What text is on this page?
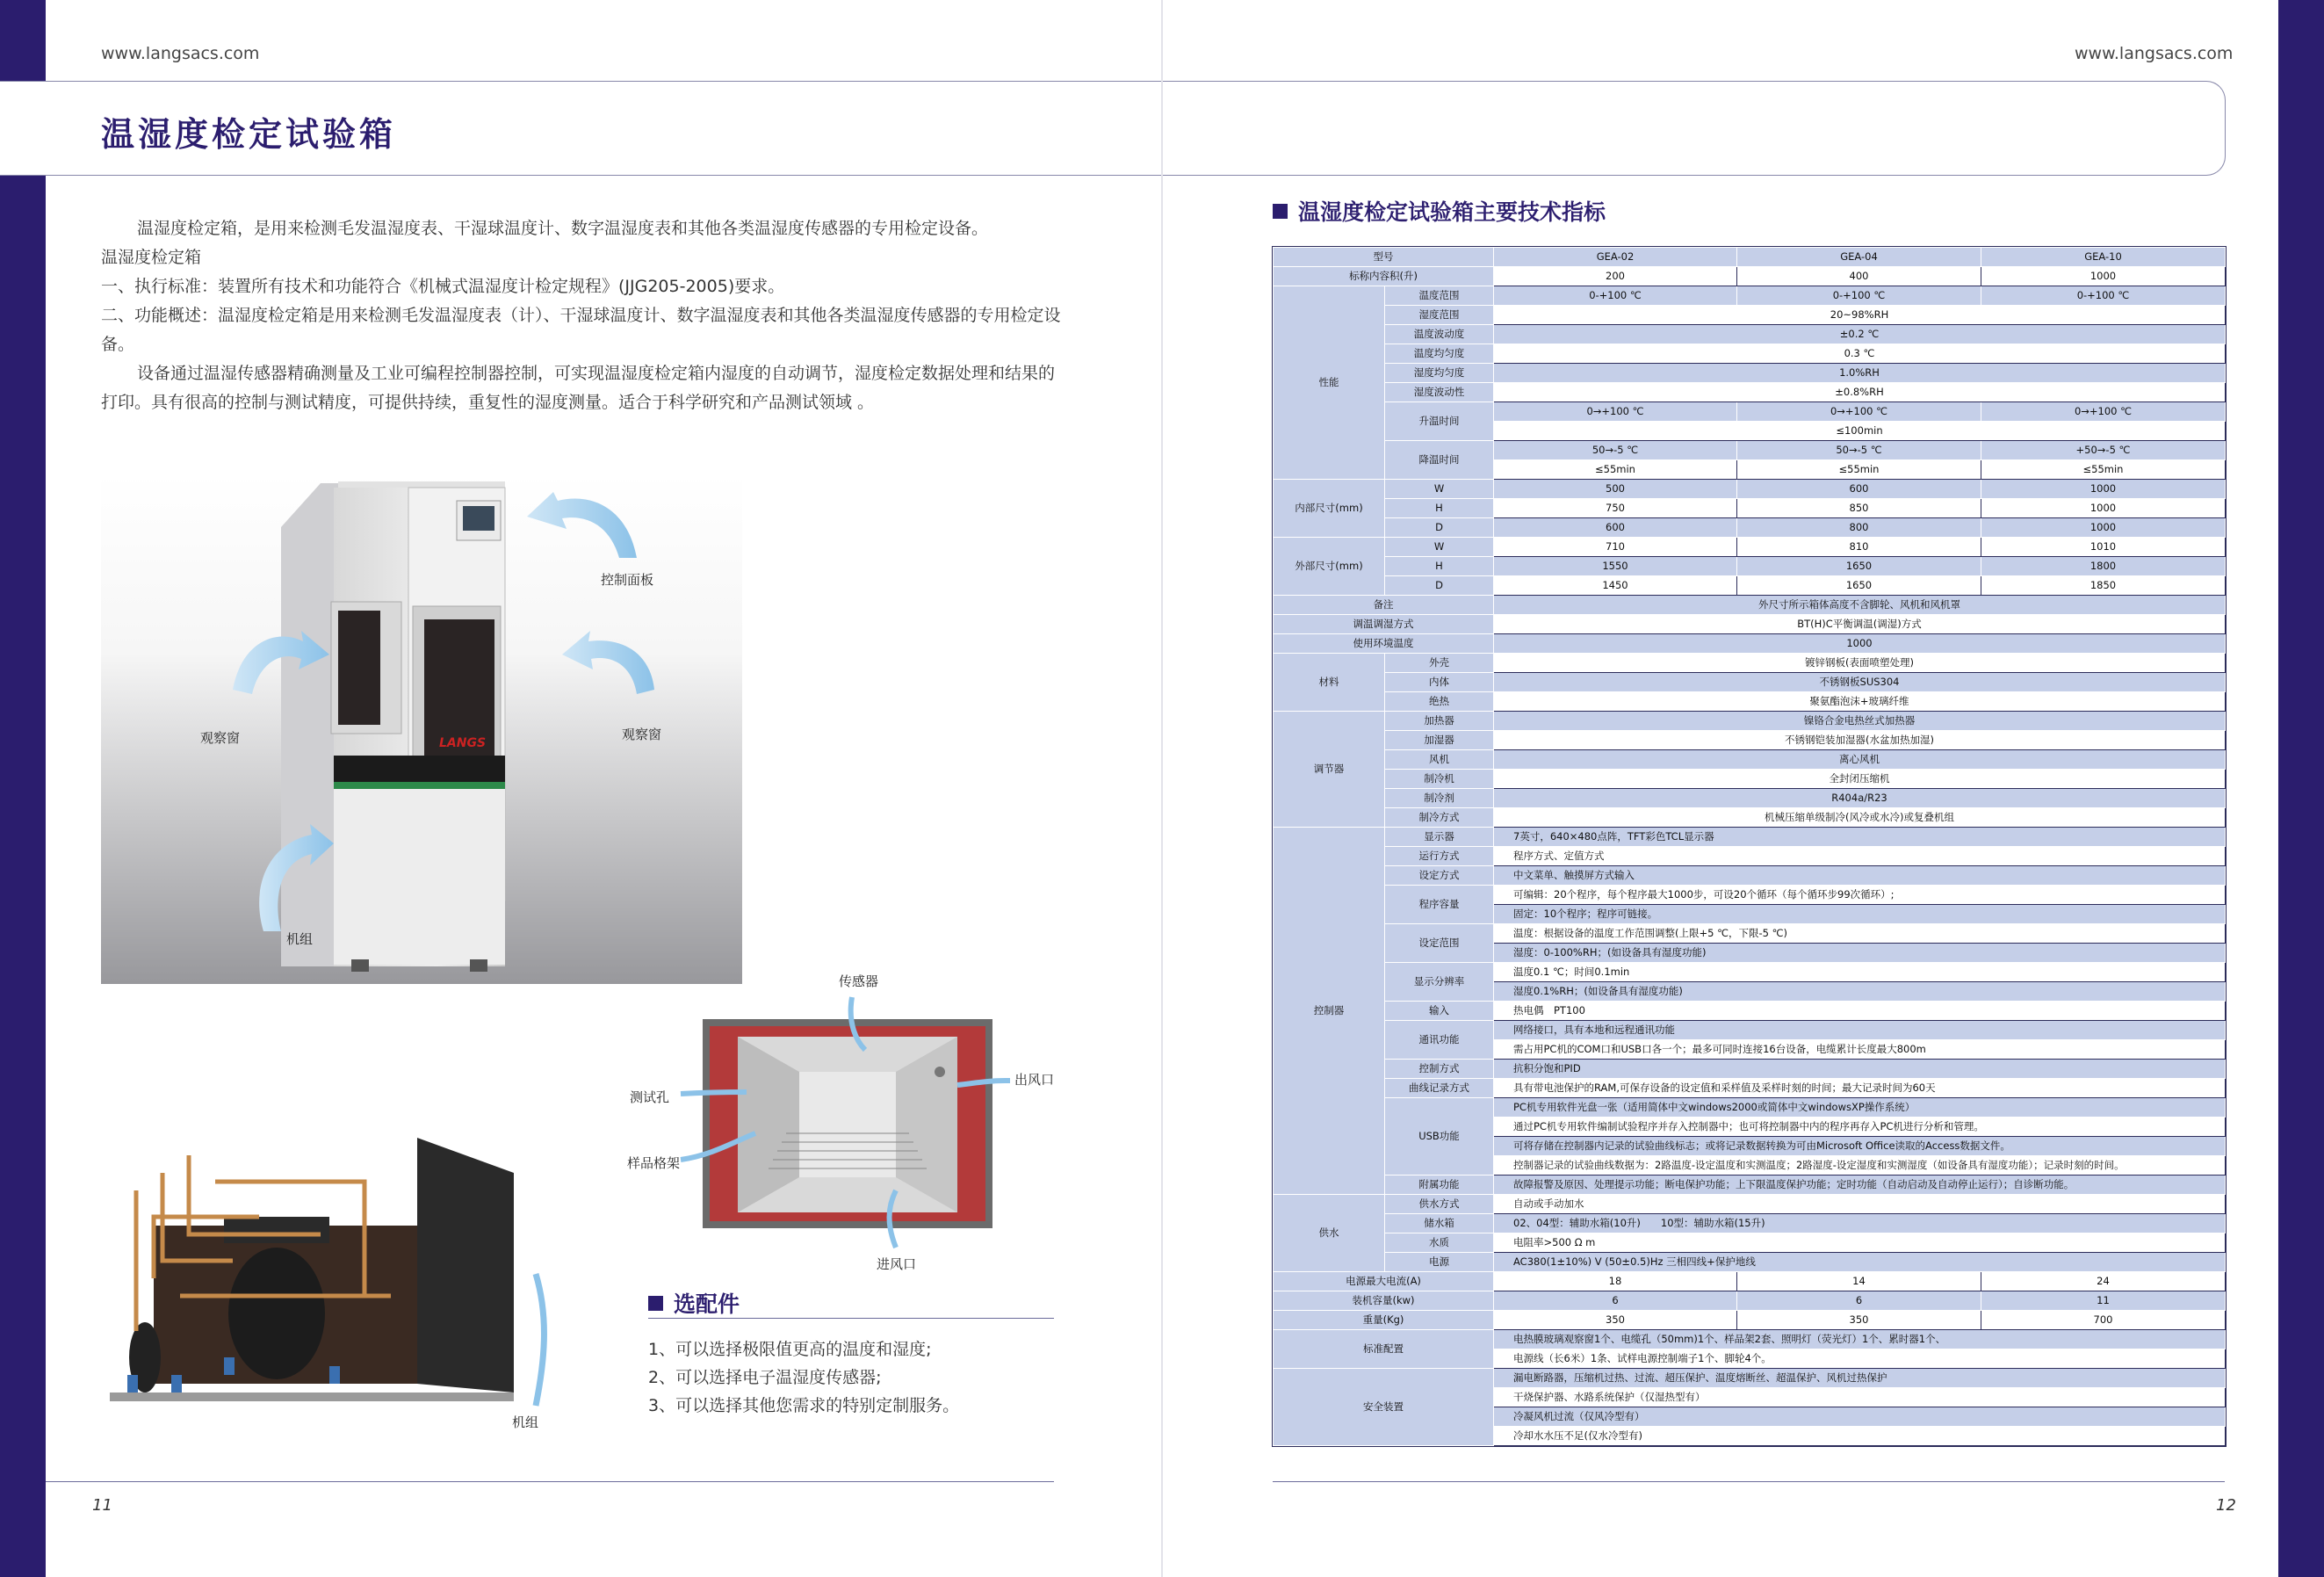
www.langsacs.com	www.langsacs.com
温湿度检定试验箱

温湿度检定箱，是用来检测毛发温湿度表、干湿球温度计、数字温湿度表和其他各类温湿度传感器的专用检定设备。

温湿度检定箱

一、执行标准：装置所有技术和功能符合《机械式温湿度计检定规程》(JJG205-2005)要求。

二、功能概述：温湿度检定箱是用来检测毛发温湿度表（计）、干湿球温度计、数字温湿度表和其他各类温湿度传感器的专用检定设备。

设备通过温湿传感器精确测量及工业可编程控制器控制，可实现温湿度检定箱内湿度的自动调节，湿度检定数据处理和结果的打印。具有很高的控制与测试精度，可提供持续，重复性的湿度测量。适合于科学研究和产品测试领域 。

LANGS
控制面板
观察窗	观察窗
机组
传感器
测试孔
样品格架
出风口
进风口
机组
选配件
1、可以选择极限值更高的温度和湿度;
2、可以选择电子温湿度传感器;
3、可以选择其他您需求的特别定制服务。
11	12
温湿度检定试验箱主要技术指标
型号		GEA-02	GEA-04	GEA-10
标称内容积(升)		200	400	1000
性能	温度范围	0-+100 ℃	0-+100 ℃	0-+100 ℃
	湿度范围	20~98%RH		
	温度波动度	±0.2 ℃		
	温度均匀度	0.3 ℃		
	湿度均匀度	1.0%RH		
	湿度波动性	±0.8%RH		
	升温时间	0→+100 ℃	0→+100 ℃	0→+100 ℃
		≤100min		
	降温时间	50→-5 ℃	50→-5 ℃	+50→-5 ℃
		≤55min	≤55min	≤55min
内部尺寸(mm)	W	500	600	1000
	H	750	850	1000
	D	600	800	1000
外部尺寸(mm)	W	710	810	1010
	H	1550	1650	1800
	D	1450	1650	1850
备注		外尺寸所示箱体高度不含脚轮、风机和风机罩		
调温调湿方式		BT(H)C平衡调温(调湿)方式		
使用环境温度		1000		
材料	外壳	镀锌钢板(表面喷塑处理)		
	内体	不锈钢板SUS304		
	绝热	聚氨酯泡沫+玻璃纤维		
调节器	加热器	镍铬合金电热丝式加热器		
	加湿器	不锈钢铠装加湿器(水盆加热加湿)		
	风机	离心风机		
	制冷机	全封闭压缩机		
	制冷剂	R404a/R23		
	制冷方式	机械压缩单级制冷(风冷或水冷)或复叠机组		
控制器	显示器	7英寸，640×480点阵，TFT彩色TCL显示器		
	运行方式	程序方式、定值方式		
	设定方式	中文菜单、触摸屏方式输入		
	程序容量	可编辑：20个程序，每个程序最大1000步，可设20个循环（每个循环步99次循环）;		
		固定：10个程序；程序可链接。		
	设定范围	温度：根据设备的温度工作范围调整(上限+5 ℃，下限-5 ℃)		
		湿度：0-100%RH；(如设备具有湿度功能)		
	显示分辨率	温度0.1 ℃；时间0.1min		
		湿度0.1%RH；(如设备具有湿度功能)		
	输入	热电偶　PT100		
	通讯功能	网络接口，具有本地和远程通讯功能		
		需占用PC机的COM口和USB口各一个；最多可同时连接16台设备，电缆累计长度最大800m		
	控制方式	抗积分饱和PID		
	曲线记录方式	具有带电池保护的RAM,可保存设备的设定值和采样值及采样时刻的时间；最大记录时间为60天		
	USB功能	PC机专用软件光盘一张（适用简体中文windows2000或简体中文windowsXP操作系统）		
		通过PC机专用软件编制试验程序并存入控制器中；也可将控制器中内的程序再存入PC机进行分析和管理。		
		可将存储在控制器内记录的试验曲线标志；或将记录数据转换为可由Microsoft Office读取的Access数据文件。		
		控制器记录的试验曲线数据为：2路温度-设定温度和实测温度；2路湿度-设定湿度和实测湿度（如设备具有湿度功能）；记录时刻的时间。		
	附属功能	故障报警及原因、处理提示功能；断电保护功能；上下限温度保护功能；定时功能（自动启动及自动停止运行）；自诊断功能。		
供水	供水方式	自动或手动加水		
	储水箱	02、04型：辅助水箱(10升)　　10型：辅助水箱(15升)		
	水质	电阻率>500 Ω m		
	电源	AC380(1±10%) V (50±0.5)Hz 三相四线+保护地线		
电源最大电流(A)		18	14	24
装机容量(kw)		6	6	11
重量(Kg)		350	350	700
标准配置		电热膜玻璃观察窗1个、电缆孔（50mm)1个、样品架2套、照明灯（荧光灯）1个、累时器1个、		
		电源线（长6米）1条、试样电源控制端子1个、脚轮4个。		
安全装置		漏电断路器，压缩机过热、过流、超压保护、温度熔断丝、超温保护、风机过热保护		
		干烧保护器、水路系统保护（仅湿热型有）		
		冷凝风机过流（仅风冷型有）		
		冷却水水压不足(仅水冷型有)		
